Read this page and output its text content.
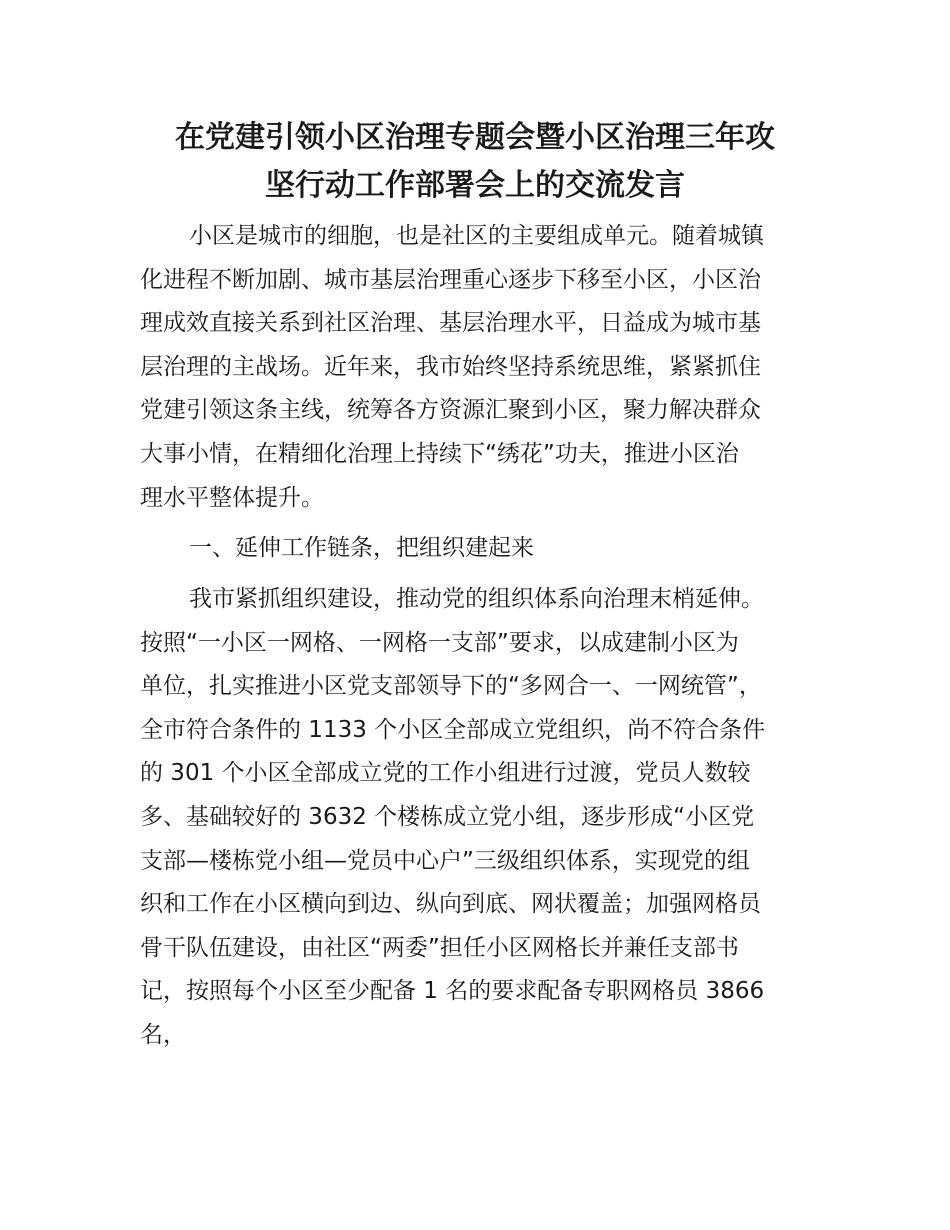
在党建引领小区治理专题会暨小区治理三年攻
坚行动工作部署会上的交流发言
小区是城市的细胞，也是社区的主要组成单元。随着城镇
化进程不断加剧、城市基层治理重心逐步下移至小区，小区治
理成效直接关系到社区治理、基层治理水平，日益成为城市基
层治理的主战场。近年来，我市始终坚持系统思维，紧紧抓住
党建引领这条主线，统筹各方资源汇聚到小区，聚力解决群众
大事小情，在精细化治理上持续下“绣花”功夫，推进小区治
理水平整体提升。
一、延伸工作链条，把组织建起来
我市紧抓组织建设，推动党的组织体系向治理末梢延伸。
按照“一小区一网格、一网格一支部”要求，以成建制小区为
单位，扎实推进小区党支部领导下的“多网合一、一网统管”，
全市符合条件的 1133 个小区全部成立党组织，尚不符合条件
的 301 个小区全部成立党的工作小组进行过渡，党员人数较
多、基础较好的 3632 个楼栋成立党小组，逐步形成“小区党
支部—楼栋党小组—党员中心户”三级组织体系，实现党的组
织和工作在小区横向到边、纵向到底、网状覆盖；加强网格员
骨干队伍建设，由社区“两委”担任小区网格长并兼任支部书
记，按照每个小区至少配备 1 名的要求配备专职网格员 3866
名，
